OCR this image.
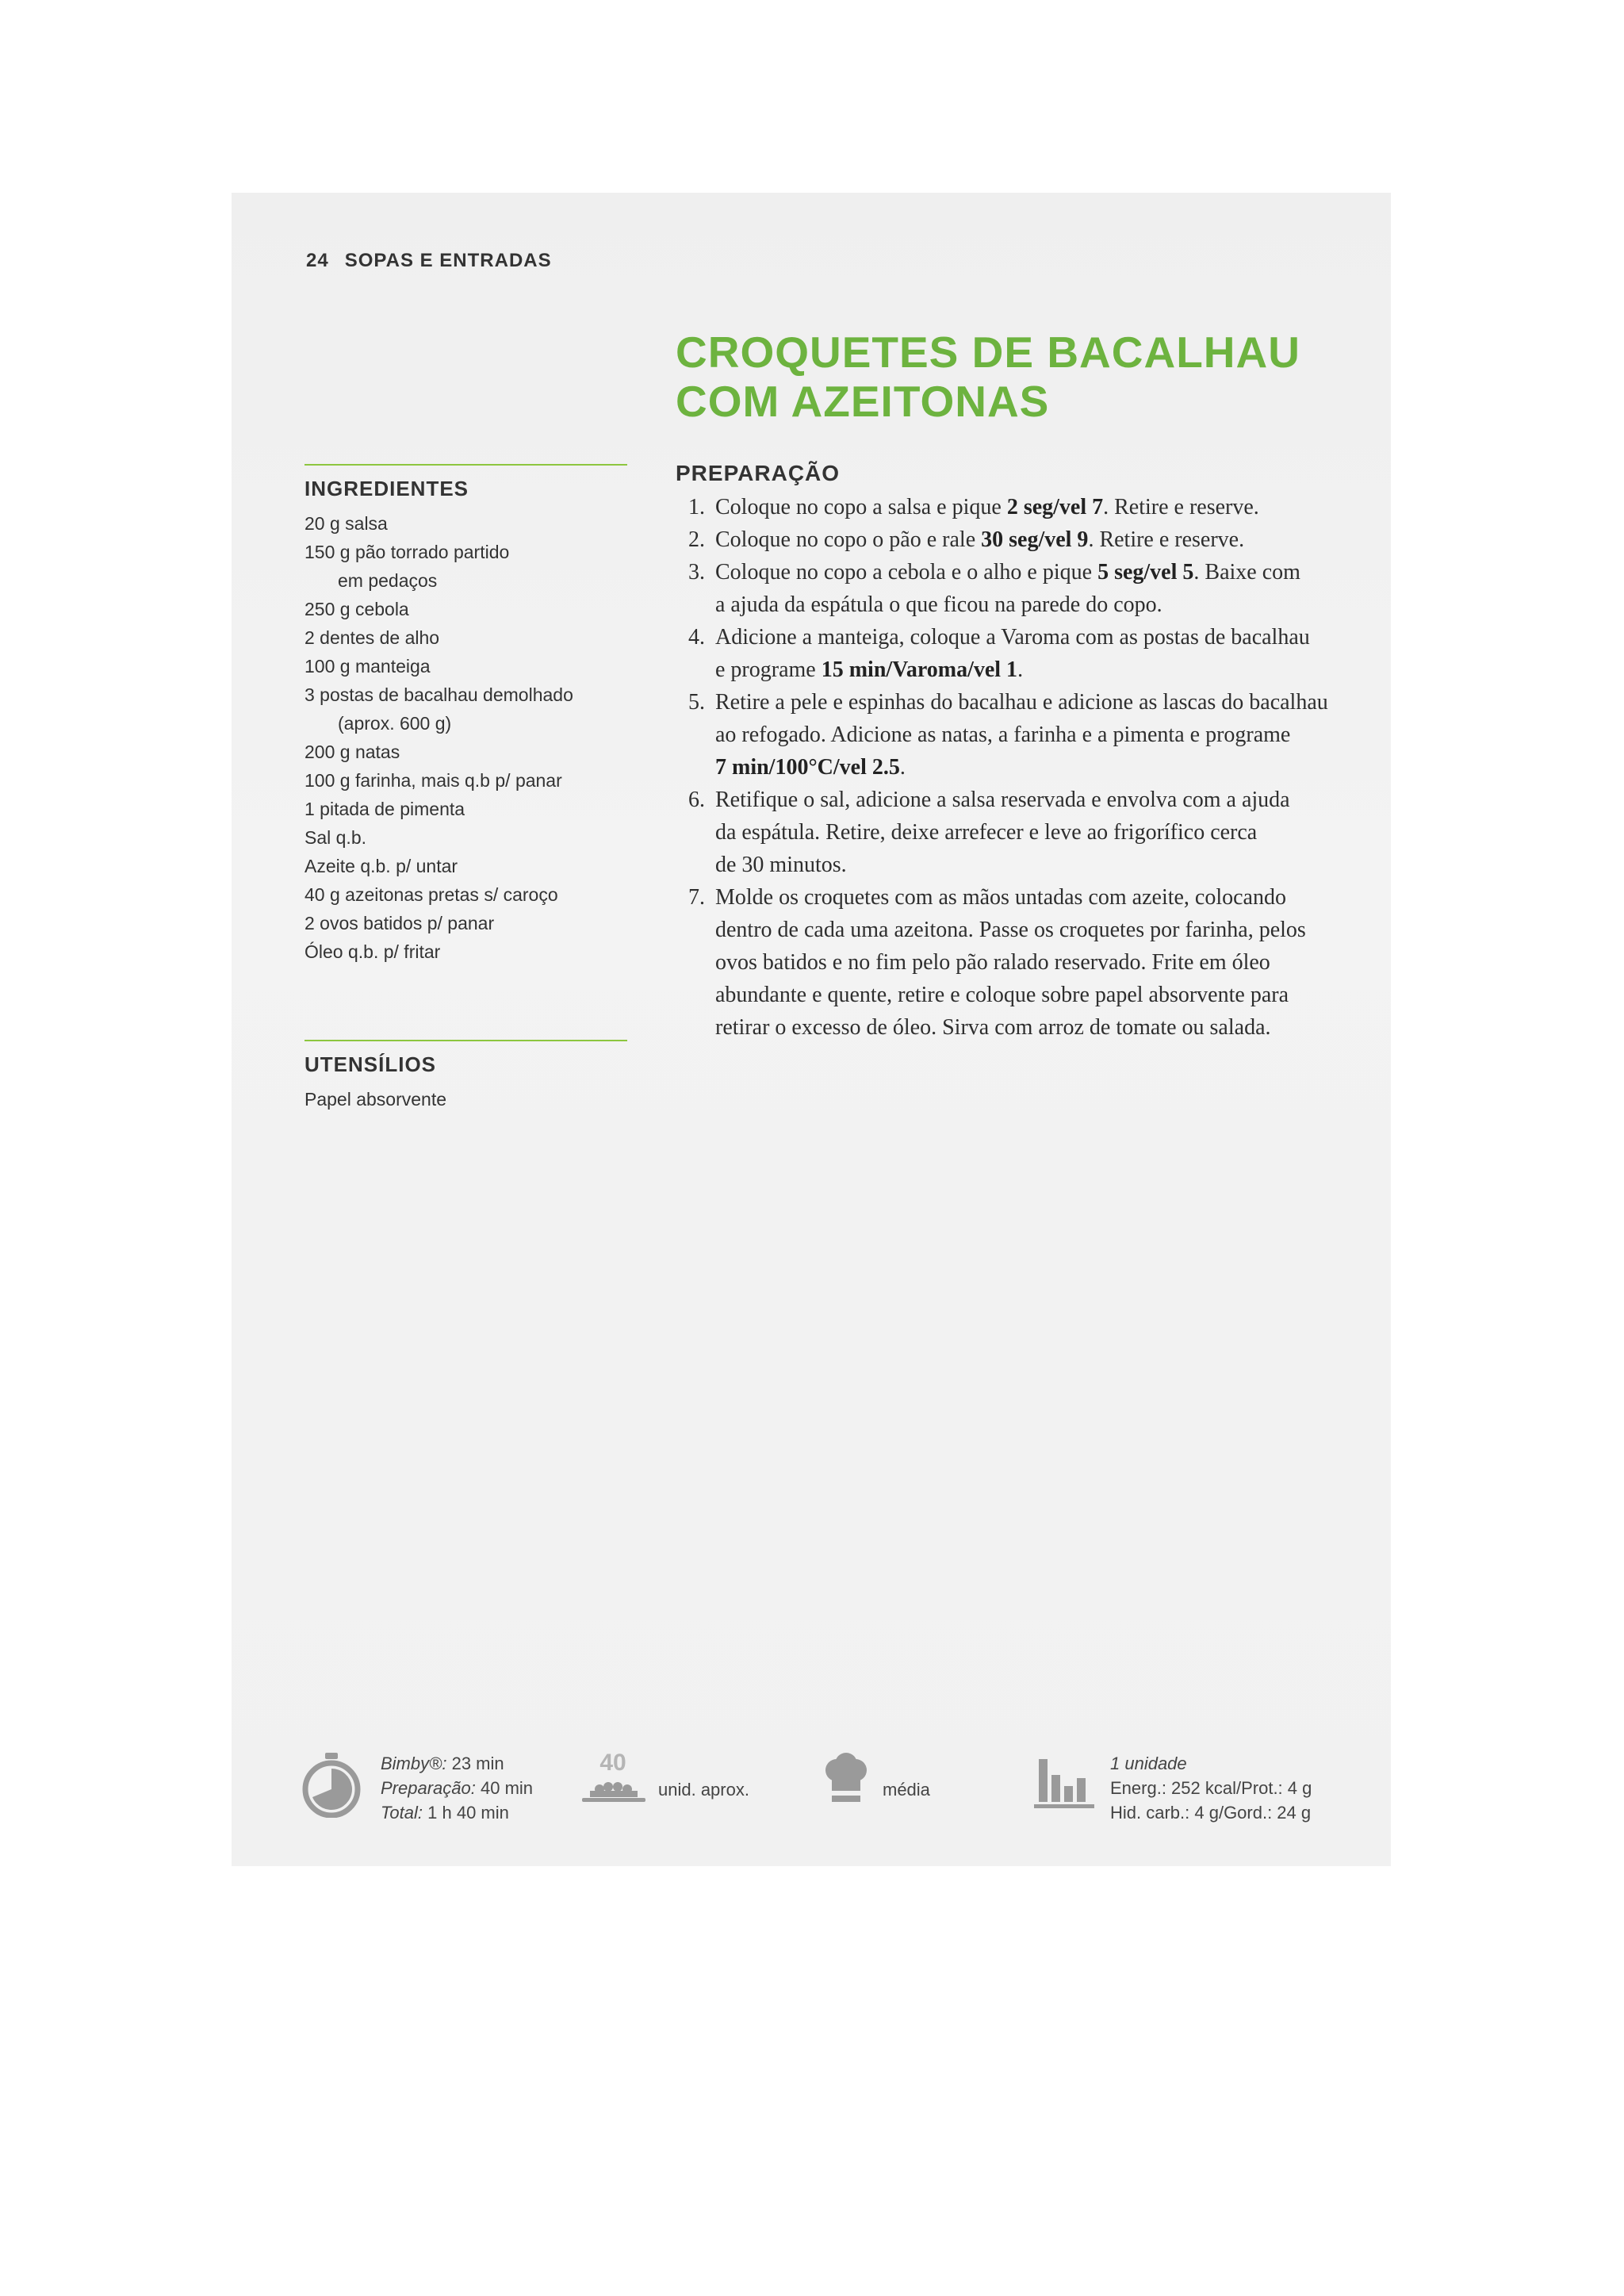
24 SOPAS E ENTRADAS
CROQUETES DE BACALHAU
COM AZEITONAS
INGREDIENTES
20 g salsa
150 g pão torrado partido
em pedaços
250 g cebola
2 dentes de alho
100 g manteiga
3 postas de bacalhau demolhado
(aprox. 600 g)
200 g natas
100 g farinha, mais q.b p/ panar
1 pitada de pimenta
Sal q.b.
Azeite q.b. p/ untar
40 g azeitonas pretas s/ caroço
2 ovos batidos p/ panar
Óleo q.b. p/ fritar
UTENSÍLIOS
Papel absorvente
PREPARAÇÃO
1. Coloque no copo a salsa e pique 2 seg/vel 7. Retire e reserve.
2. Coloque no copo o pão e rale 30 seg/vel 9. Retire e reserve.
3. Coloque no copo a cebola e o alho e pique 5 seg/vel 5. Baixe com
a ajuda da espátula o que ficou na parede do copo.
4. Adicione a manteiga, coloque a Varoma com as postas de bacalhau
e programe 15 min/Varoma/vel 1.
5. Retire a pele e espinhas do bacalhau e adicione as lascas do bacalhau
ao refogado. Adicione as natas, a farinha e a pimenta e programe
7 min/100°C/vel 2.5.
6. Retifique o sal, adicione a salsa reservada e envolva com a ajuda
da espátula. Retire, deixe arrefecer e leve ao frigorífico cerca
de 30 minutos.
7. Molde os croquetes com as mãos untadas com azeite, colocando
dentro de cada uma azeitona. Passe os croquetes por farinha, pelos
ovos batidos e no fim pelo pão ralado reservado. Frite em óleo
abundante e quente, retire e coloque sobre papel absorvente para
retirar o excesso de óleo. Sirva com arroz de tomate ou salada.
Bimby®: 23 min
Preparação: 40 min
Total: 1 h 40 min
40
unid. aprox.	média
1 unidade
Energ.: 252 kcal/Prot.: 4 g
Hid. carb.: 4 g/Gord.: 24 g
